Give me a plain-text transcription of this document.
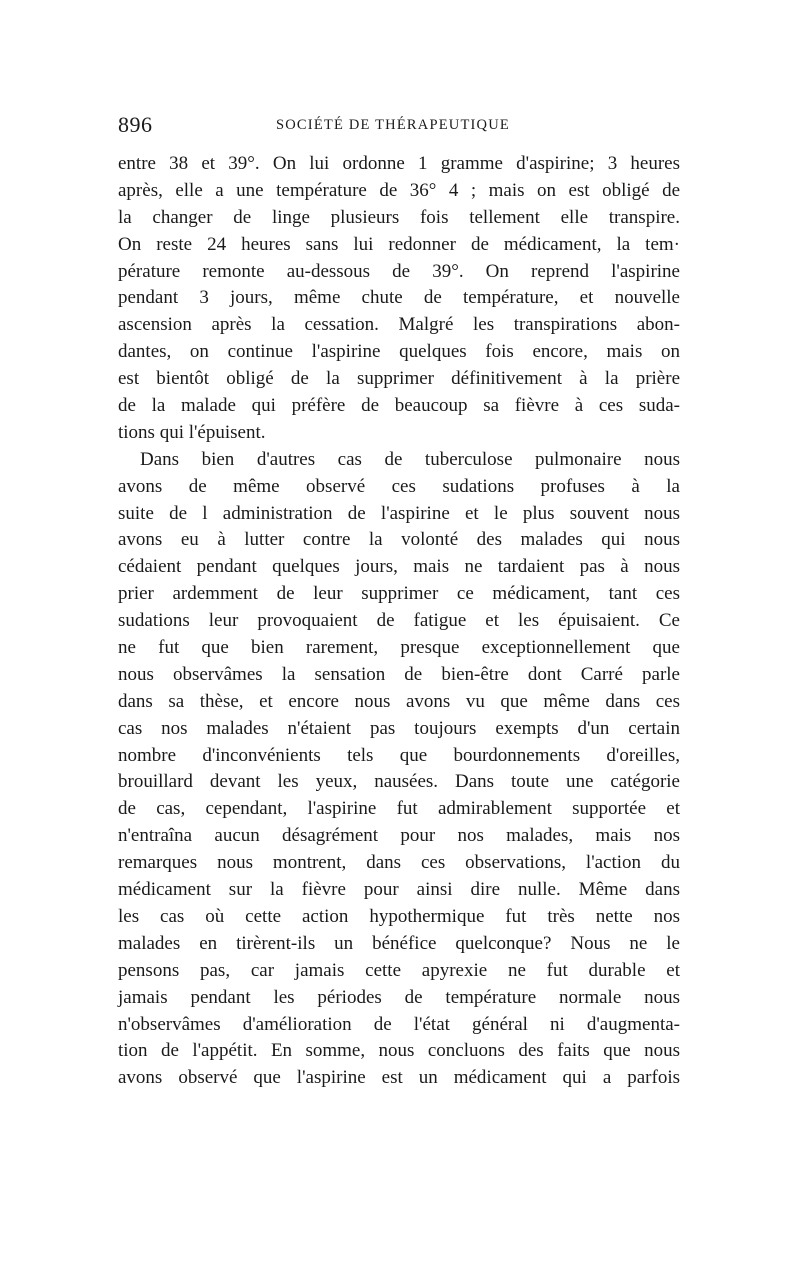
896	SOCIÉTÉ DE THÉRAPEUTIQUE
entre 38 et 39°. On lui ordonne 1 gramme d'aspirine; 3 heures
après, elle a une température de 36° 4 ; mais on est obligé de
la changer de linge plusieurs fois tellement elle transpire.
On reste 24 heures sans lui redonner de médicament, la tem·
pérature remonte au-dessous de 39°. On reprend l'aspirine
pendant 3 jours, même chute de température, et nouvelle
ascension après la cessation. Malgré les transpirations abon-
dantes, on continue l'aspirine quelques fois encore, mais on
est bientôt obligé de la supprimer définitivement à la prière
de la malade qui préfère de beaucoup sa fièvre à ces suda-
tions qui l'épuisent.
Dans bien d'autres cas de tuberculose pulmonaire nous
avons de même observé ces sudations profuses à la
suite de l administration de l'aspirine et le plus souvent nous
avons eu à lutter contre la volonté des malades qui nous
cédaient pendant quelques jours, mais ne tardaient pas à nous
prier ardemment de leur supprimer ce médicament, tant ces
sudations leur provoquaient de fatigue et les épuisaient. Ce
ne fut que bien rarement, presque exceptionnellement que
nous observâmes la sensation de bien-être dont Carré parle
dans sa thèse, et encore nous avons vu que même dans ces
cas nos malades n'étaient pas toujours exempts d'un certain
nombre d'inconvénients tels que bourdonnements d'oreilles,
brouillard devant les yeux, nausées. Dans toute une catégorie
de cas, cependant, l'aspirine fut admirablement supportée et
n'entraîna aucun désagrément pour nos malades, mais nos
remarques nous montrent, dans ces observations, l'action du
médicament sur la fièvre pour ainsi dire nulle. Même dans
les cas où cette action hypothermique fut très nette nos
malades en tirèrent-ils un bénéfice quelconque? Nous ne le
pensons pas, car jamais cette apyrexie ne fut durable et
jamais pendant les périodes de température normale nous
n'observâmes d'amélioration de l'état général ni d'augmenta-
tion de l'appétit. En somme, nous concluons des faits que nous
avons observé que l'aspirine est un médicament qui a parfois
